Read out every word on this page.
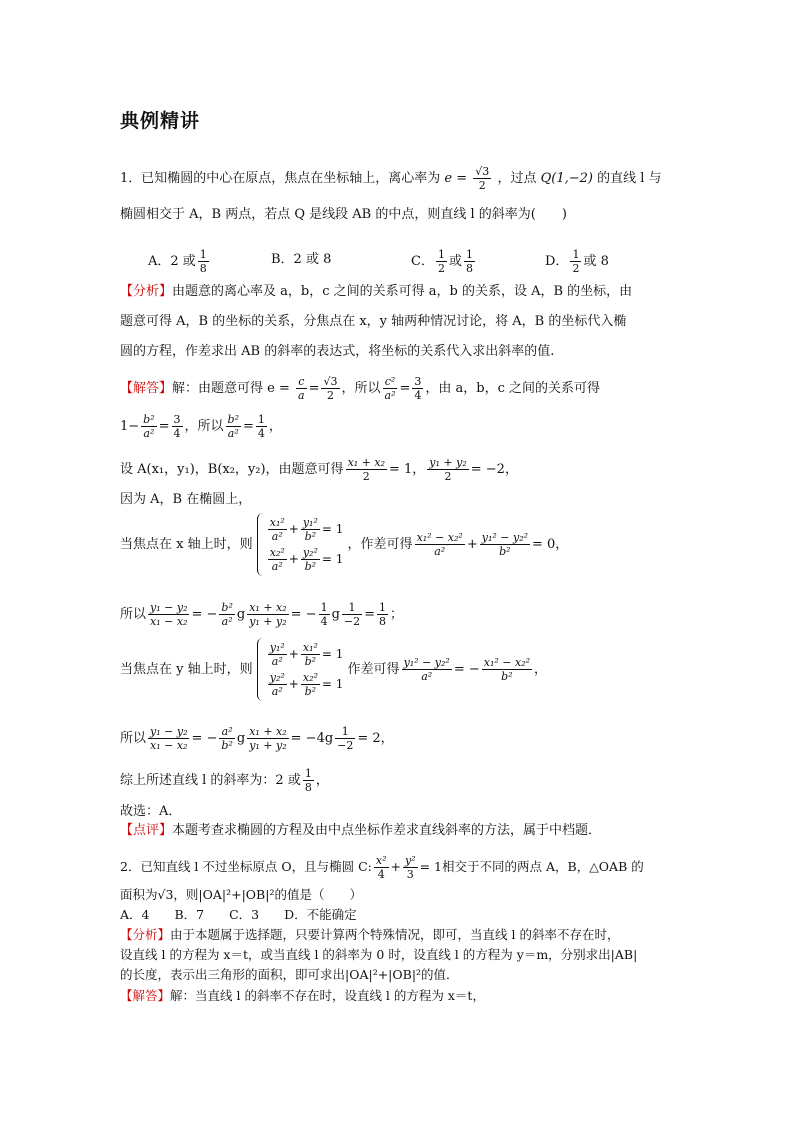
典例精讲
1．已知椭圆的中心在原点，焦点在坐标轴上，离心率为 $e = \frac{√3}{2}$ ，过点 Q(1,−2) 的直线 l 与
椭圆相交于 A，B 两点，若点 Q 是线段 AB 的中点，则直线 l 的斜率为(　　)
A．2 或 $\frac{1}{8}$	B．2 或 8	C． $\frac{1}{2}$ 或 $\frac{1}{8}$	D． $\frac{1}{2}$ 或 8
【分析】由题意的离心率及 a，b，c 之间的关系可得 a，b 的关系，设 A，B 的坐标，由
题意可得 A，B 的坐标的关系，分焦点在 x，y 轴两种情况讨论，将 A，B 的坐标代入椭
圆的方程，作差求出 AB 的斜率的表达式，将坐标的关系代入求出斜率的值.
【解答】解：由题意可得 $e = \frac{c}{a} = \frac{√3}{2}$ ，所以 $\frac{\text{c²}}{\text{a²}} = \frac{3}{4}$ ，由 a，b，c 之间的关系可得
$1- \frac{\text{b²}}{\text{a²}} = \frac{3}{4}$ ，所以 $\frac{\text{b²}}{\text{a²}} = \frac{1}{4}$ ，
设 A(x₁，y₁)，B(x₂，y₂)，由题意可得 $\frac{\text{x₁ + x₂}}{2} = 1$， $\frac{\text{y₁ + y₂}}{2} = -2$，
因为 A，B 在椭圆上，
当焦点在 x 轴上时，则
$\frac{\text{x₁²}}{\text{a²}} + \frac{\text{y₁²}}{\text{b²}} = 1$
$\frac{\text{x₂²}}{\text{a²}} + \frac{\text{y₂²}}{\text{b²}} = 1$
，作差可得 $\frac{\text{x₁² − x₂²}}{\text{a²}} + \frac{\text{y₁² − y₂²}}{\text{b²}} = 0$，
所以 $\frac{\text{y₁ − y₂}}{\text{x₁ − x₂}}$ = − $\frac{\text{b²}}{\text{a²}}$ g $\frac{\text{x₁ + x₂}}{\text{y₁ + y₂}}$ = − $\frac{1}{4}$ g $\frac{1}{-2} = \frac{1}{8}$ ；
当焦点在 y 轴上时，则
$\frac{\text{y₁²}}{\text{a²}} + \frac{\text{x₁²}}{\text{b²}} = 1$
$\frac{\text{y₂²}}{\text{a²}} + \frac{\text{x₂²}}{\text{b²}} = 1$
作差可得 $\frac{\text{y₁² − y₂²}}{\text{a²}}$ = − $\frac{\text{x₁² − x₂²}}{\text{b²}}$ ，
所以 $\frac{\text{y₁ − y₂}}{\text{x₁ − x₂}}$ = − $\frac{\text{a²}}{\text{b²}}$ g $\frac{\text{x₁ + x₂}}{\text{y₁ + y₂}} = -4g \frac{1}{-2} = 2$，
综上所述直线 l 的斜率为：2 或 $\frac{1}{8}$ ，
故选：A．
【点评】本题考查求椭圆的方程及由中点坐标作差求直线斜率的方法，属于中档题．
2．已知直线 l 不过坐标原点 O，且与椭圆 C: $\frac{\text{x²}}{4} + \frac{\text{y²}}{3} = 1$相交于不同的两点 A，B，△OAB 的
面积为√3，则|OA|²+|OB|²的值是（　　）
A．4　　B．7　　C．3　　D．不能确定
【分析】由于本题属于选择题，只要计算两个特殊情况，即可，当直线 l 的斜率不存在时，
设直线 l 的方程为 x＝t，或当直线 l 的斜率为 0 时，设直线 l 的方程为 y＝m，分别求出|AB|
的长度，表示出三角形的面积，即可求出|OA|²+|OB|²的值．
【解答】解：当直线 l 的斜率不存在时，设直线 l 的方程为 x＝t，
